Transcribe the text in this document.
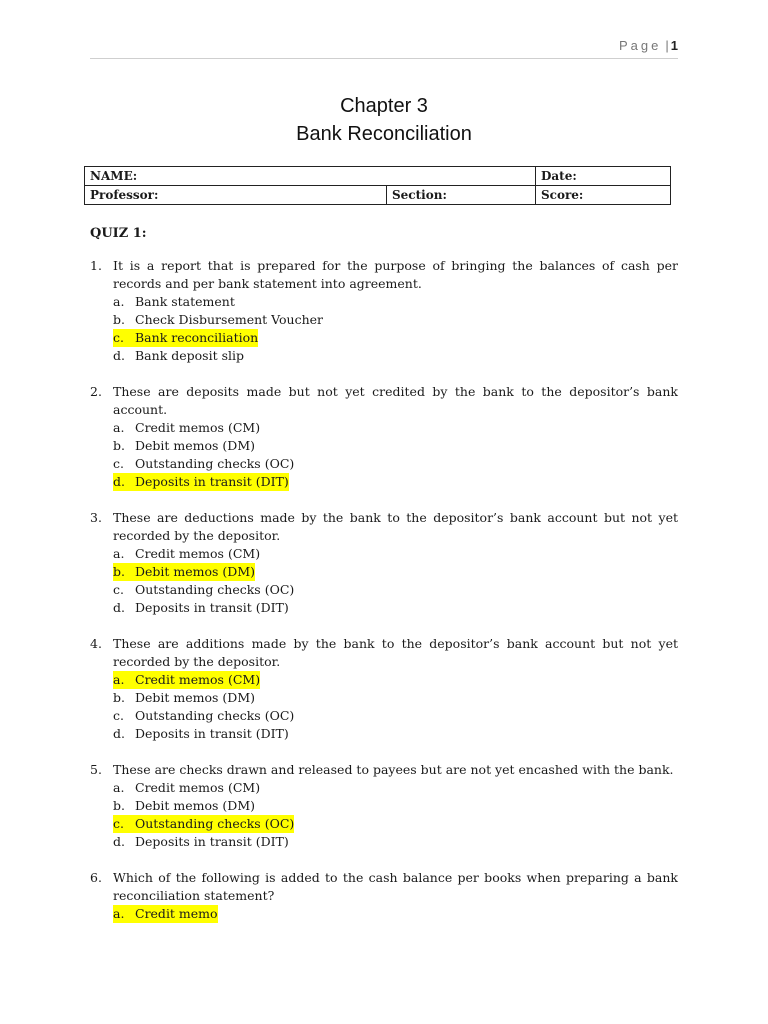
Page | 1
Chapter 3
Bank Reconciliation
NAME:		Date:
Professor:	Section:	Score:
QUIZ 1:
1. It is a report that is prepared for the purpose of bringing the balances of cash per records and per bank statement into agreement.
a. Bank statement
b. Check Disbursement Voucher
c. Bank reconciliation
d. Bank deposit slip
2. These are deposits made but not yet credited by the bank to the depositor’s bank account.
a. Credit memos (CM)
b. Debit memos (DM)
c. Outstanding checks (OC)
d. Deposits in transit (DIT)
3. These are deductions made by the bank to the depositor’s bank account but not yet recorded by the depositor.
a. Credit memos (CM)
b. Debit memos (DM)
c. Outstanding checks (OC)
d. Deposits in transit (DIT)
4. These are additions made by the bank to the depositor’s bank account but not yet recorded by the depositor.
a. Credit memos (CM)
b. Debit memos (DM)
c. Outstanding checks (OC)
d. Deposits in transit (DIT)
5. These are checks drawn and released to payees but are not yet encashed with the bank.
a. Credit memos (CM)
b. Debit memos (DM)
c. Outstanding checks (OC)
d. Deposits in transit (DIT)
6. Which of the following is added to the cash balance per books when preparing a bank reconciliation statement?
a. Credit memo
